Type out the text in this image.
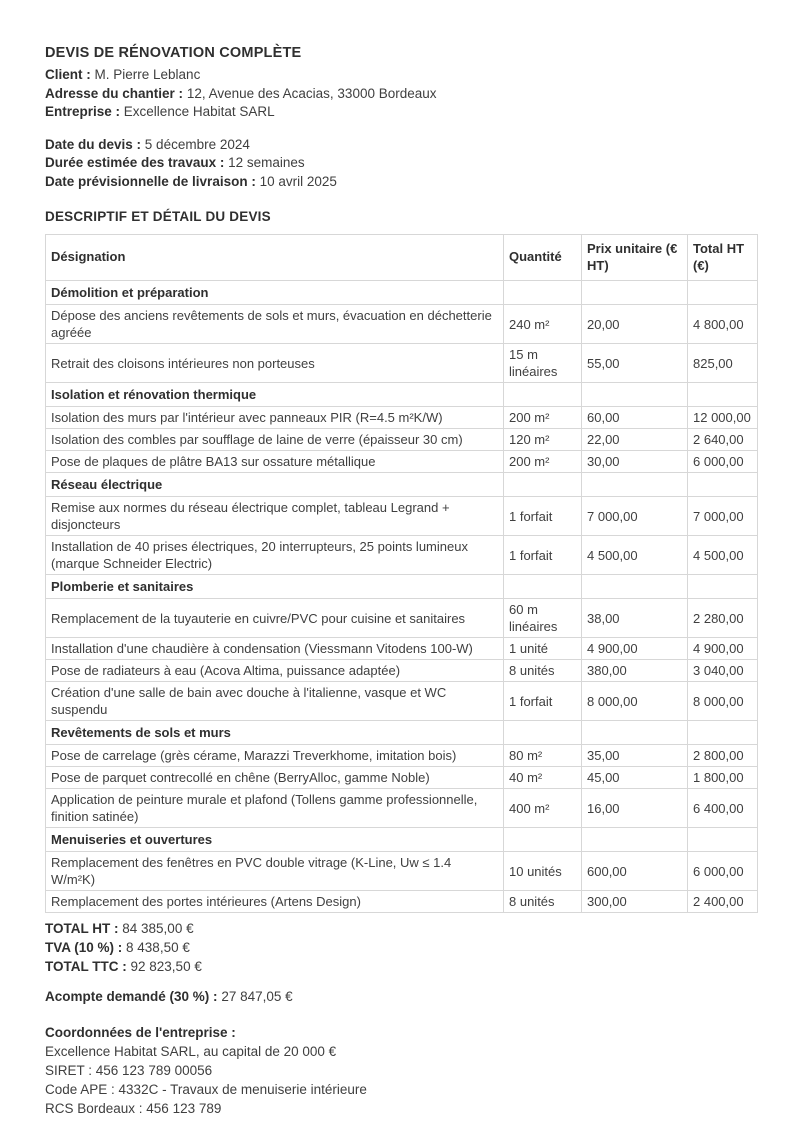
DEVIS DE RÉNOVATION COMPLÈTE

Client : M. Pierre Leblanc

Adresse du chantier : 12, Avenue des Acacias, 33000 Bordeaux

Entreprise : Excellence Habitat SARL

Date du devis : 5 décembre 2024

Durée estimée des travaux : 12 semaines

Date prévisionnelle de livraison : 10 avril 2025

DESCRIPTIF ET DÉTAIL DU DEVIS

Désignation	Quantité	Prix unitaire (€ HT)	Total HT (€)
Démolition et préparation			
Dépose des anciens revêtements de sols et murs, évacuation en déchetterie agréée	240 m²	20,00	4 800,00
Retrait des cloisons intérieures non porteuses	15 m linéaires	55,00	825,00
Isolation et rénovation thermique			
Isolation des murs par l'intérieur avec panneaux PIR (R=4.5 m²K/W)	200 m²	60,00	12 000,00
Isolation des combles par soufflage de laine de verre (épaisseur 30 cm)	120 m²	22,00	2 640,00
Pose de plaques de plâtre BA13 sur ossature métallique	200 m²	30,00	6 000,00
Réseau électrique			
Remise aux normes du réseau électrique complet, tableau Legrand + disjoncteurs	1 forfait	7 000,00	7 000,00
Installation de 40 prises électriques, 20 interrupteurs, 25 points lumineux (marque Schneider Electric)	1 forfait	4 500,00	4 500,00
Plomberie et sanitaires			
Remplacement de la tuyauterie en cuivre/PVC pour cuisine et sanitaires	60 m linéaires	38,00	2 280,00
Installation d'une chaudière à condensation (Viessmann Vitodens 100-W)	1 unité	4 900,00	4 900,00
Pose de radiateurs à eau (Acova Altima, puissance adaptée)	8 unités	380,00	3 040,00
Création d'une salle de bain avec douche à l'italienne, vasque et WC suspendu	1 forfait	8 000,00	8 000,00
Revêtements de sols et murs			
Pose de carrelage (grès cérame, Marazzi Treverkhome, imitation bois)	80 m²	35,00	2 800,00
Pose de parquet contrecollé en chêne (BerryAlloc, gamme Noble)	40 m²	45,00	1 800,00
Application de peinture murale et plafond (Tollens gamme professionnelle, finition satinée)	400 m²	16,00	6 400,00
Menuiseries et ouvertures			
Remplacement des fenêtres en PVC double vitrage (K-Line, Uw ≤ 1.4 W/m²K)	10 unités	600,00	6 000,00
Remplacement des portes intérieures (Artens Design)	8 unités	300,00	2 400,00

TOTAL HT : 84 385,00 €

TVA (10 %) : 8 438,50 €

TOTAL TTC : 92 823,50 €

Acompte demandé (30 %) : 27 847,05 €

Coordonnées de l'entreprise :

Excellence Habitat SARL, au capital de 20 000 €

SIRET : 456 123 789 00056

Code APE : 4332C - Travaux de menuiserie intérieure

RCS Bordeaux : 456 123 789
